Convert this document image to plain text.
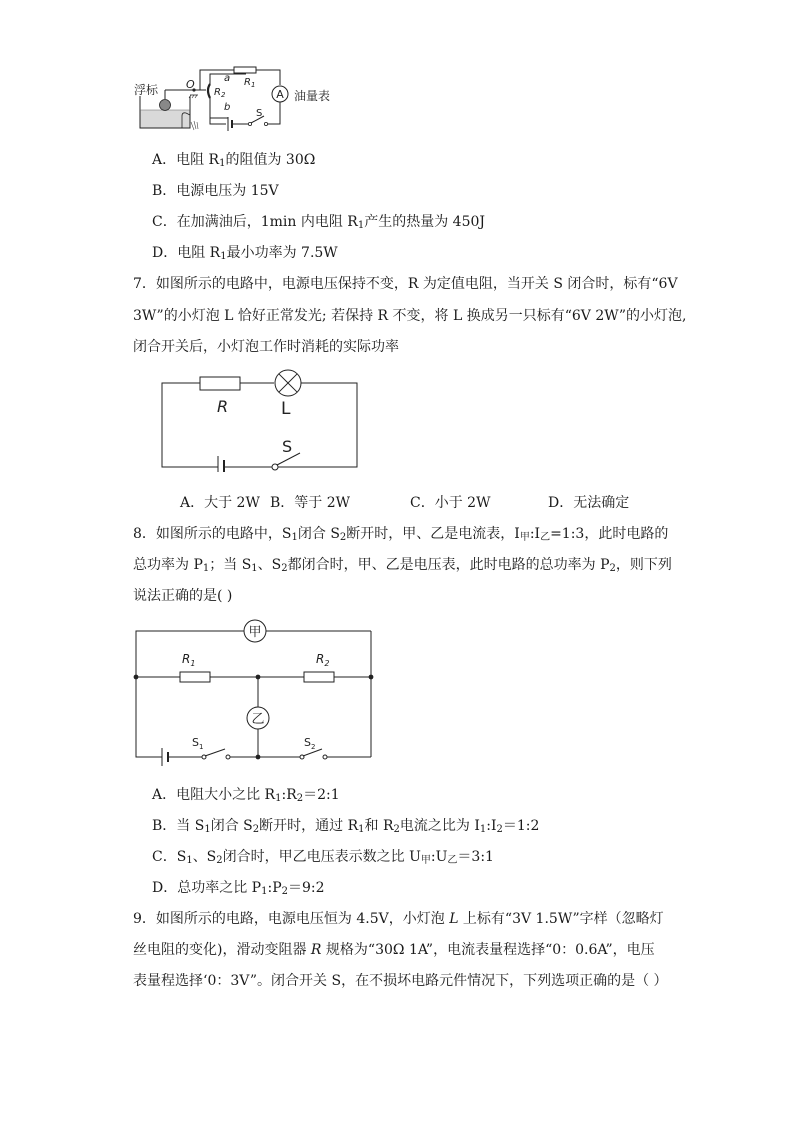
A
浮标	O	a
b
$R_1$
$R_2$
S
油量表
A．电阻 $R_1$的阻值为 30Ω
B．电源电压为 15V
C．在加满油后，1min 内电阻 $R_1$产生的热量为 450J
D．电阻 $R_1$最小功率为 7.5W
7．如图所示的电路中，电源电压保持不变，R 为定值电阻，当开关 S 闭合时，标有“6V
3W”的小灯泡 L 恰好正常发光; 若保持 R 不变，将 L 换成另一只标有“6V 2W”的小灯泡,
闭合开关后，小灯泡工作时消耗的实际功率
R	L
S
A．大于 2W B．等于 2W	C．小于 2W	D．无法确定
8．如图所示的电路中，$S_1$闭合 $S_2$断开时，甲、乙是电流表，$I_甲:I_乙=1:3$，此时电路的
总功率为 $P_1$；当 $S_1$、$S_2$都闭合时，甲、乙是电压表，此时电路的总功率为 $P_2$，则下列
说法正确的是( )
甲
乙
$R_1$	$R_2$
$S_1$	$S_2$
A．电阻大小之比 $R_1:R_2=2:1$
B．当 $S_1$闭合 $S_2$断开时，通过 $R_1$和 $R_2$电流之比为 $I_1:I_2=1:2$
C．$S_1$、$S_2$闭合时，甲乙电压表示数之比 $U_甲:U_乙=3:1$
D．总功率之比 $P_1:P_2=9:2$
9．如图所示的电路，电源电压恒为 4.5V，小灯泡 L 上标有“3V 1.5W”字样（忽略灯
丝电阻的变化)，滑动变阻器 R 规格为“30Ω 1A”，电流表量程选择“0：0.6A”，电压
表量程选择‘0：3V”。闭合开关 S，在不损坏电路元件情况下，下列选项正确的是（ ）
